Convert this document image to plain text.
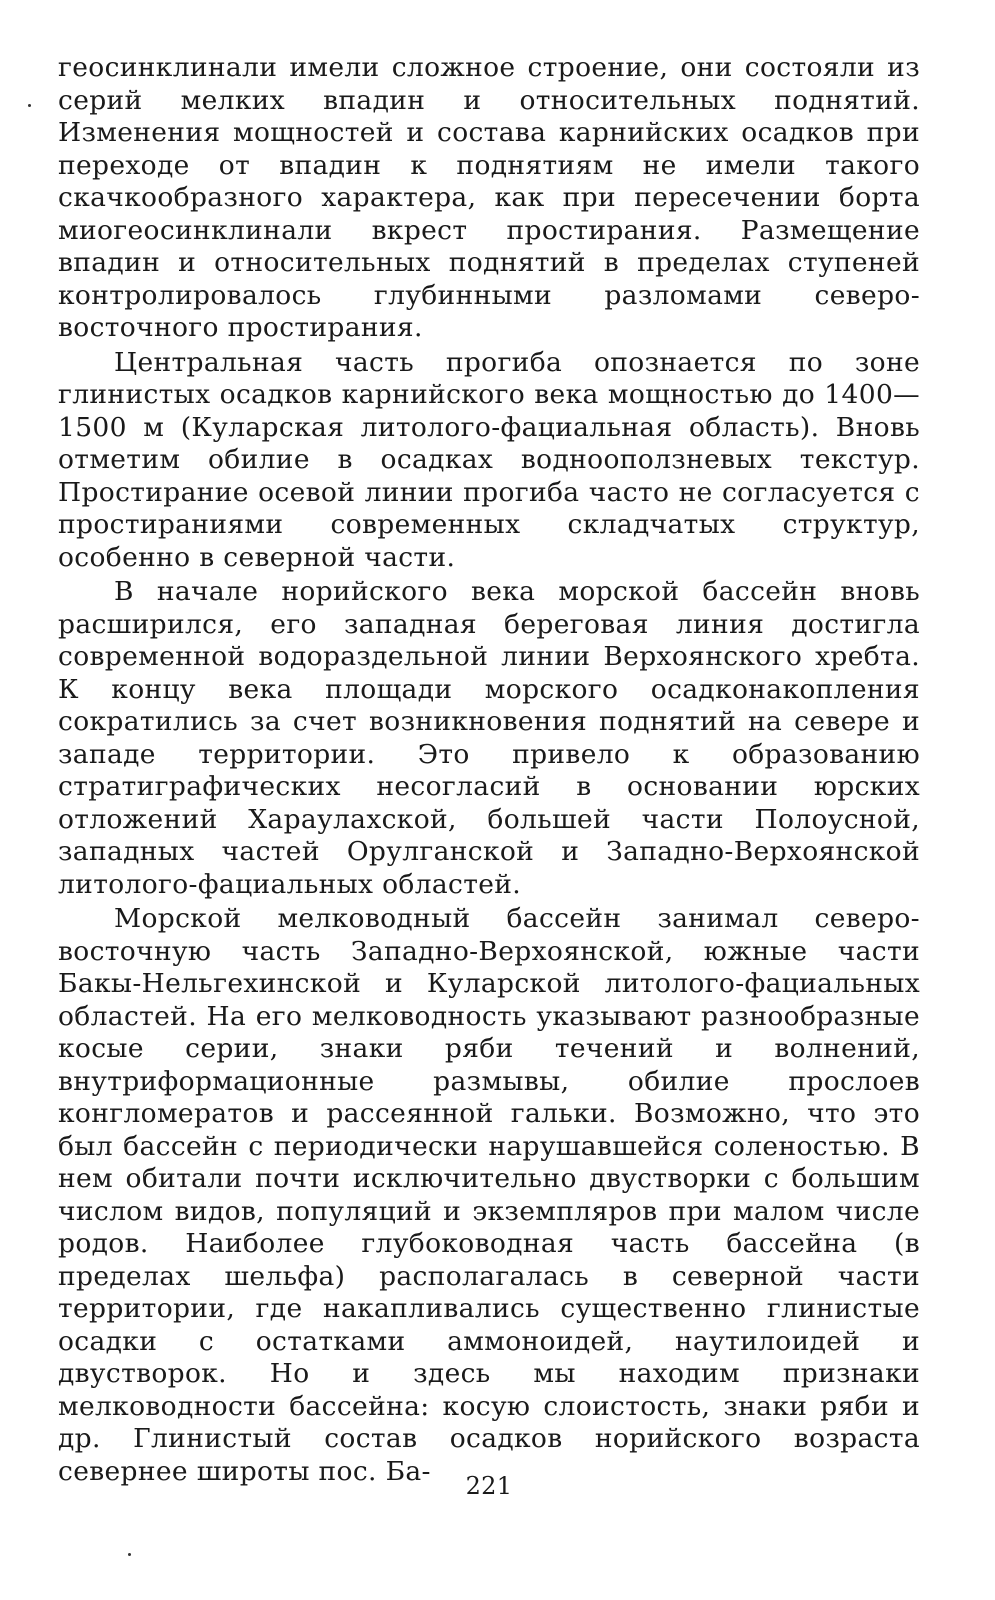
геосинклинали имели сложное строение, они состояли из серий мелких впадин и относительных поднятий. Изменения мощностей и состава карнийских осадков при переходе от впадин к поднятиям не имели такого скачкообразного характера, как при пересечении борта миогеосинклинали вкрест простирания. Размещение впадин и относительных поднятий в пределах ступеней контролировалось глубинными разломами северо-восточного простирания.

Центральная часть прогиба опознается по зоне глинистых осадков карнийского века мощностью до 1400—1500 м (Куларская литолого-фациальная область). Вновь отметим обилие в осадках воднооползневых текстур. Простирание осевой линии прогиба часто не согласуется с простираниями современных складчатых структур, особенно в северной части.

В начале норийского века морской бассейн вновь расширился, его западная береговая линия достигла современной водораздельной линии Верхоянского хребта. К концу века площади морского осадконакопления сократились за счет возникновения поднятий на севере и западе территории. Это привело к образованию стратиграфических несогласий в основании юрских отложений Хараулахской, большей части Полоусной, западных частей Орулганской и Западно-Верхоянской литолого-фациальных областей.

Морской мелководный бассейн занимал северо-восточную часть Западно-Верхоянской, южные части Бакы-Нельгехинской и Куларской литолого-фациальных областей. На его мелководность указывают разнообразные косые серии, знаки ряби течений и волнений, внутриформационные размывы, обилие прослоев конгломератов и рассеянной гальки. Возможно, что это был бассейн с периодически нарушавшейся соленостью. В нем обитали почти исключительно двустворки с большим числом видов, популяций и экземпляров при малом числе родов. Наиболее глубоководная часть бассейна (в пределах шельфа) располагалась в северной части территории, где накапливались существенно глинистые осадки с остатками аммоноидей, наутилоидей и двустворок. Но и здесь мы находим признаки мелководности бассейна: косую слоистость, знаки ряби и др. Глинистый состав осадков норийского возраста севернее широты пос. Ба-	221
